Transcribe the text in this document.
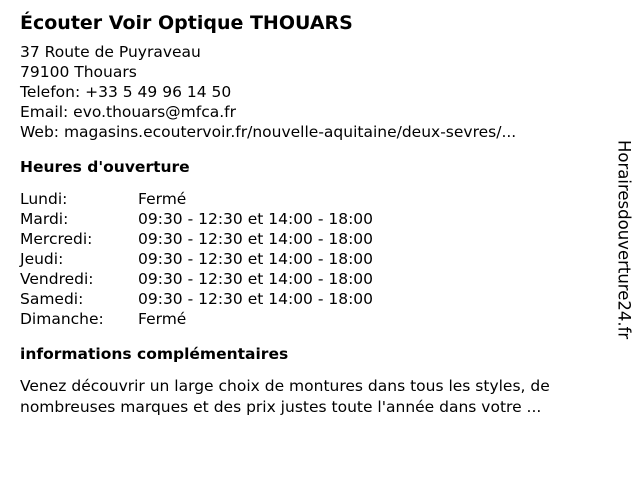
Écouter Voir Optique THOUARS
37 Route de Puyraveau
79100 Thouars
Telefon: +33 5 49 96 14 50
Email: evo.thouars@mfca.fr
Web: magasins.ecoutervoir.fr/nouvelle-aquitaine/deux-sevres/...
Heures d'ouverture
Lundi:	Fermé
Mardi:	09:30 - 12:30 et 14:00 - 18:00
Mercredi:	09:30 - 12:30 et 14:00 - 18:00
Jeudi:	09:30 - 12:30 et 14:00 - 18:00
Vendredi:	09:30 - 12:30 et 14:00 - 18:00
Samedi:	09:30 - 12:30 et 14:00 - 18:00
Dimanche:	Fermé
informations complémentaires
Venez découvrir un large choix de montures dans tous les styles, de nombreuses marques et des prix justes toute l'année dans votre ...
Horairesdouverture24.fr
